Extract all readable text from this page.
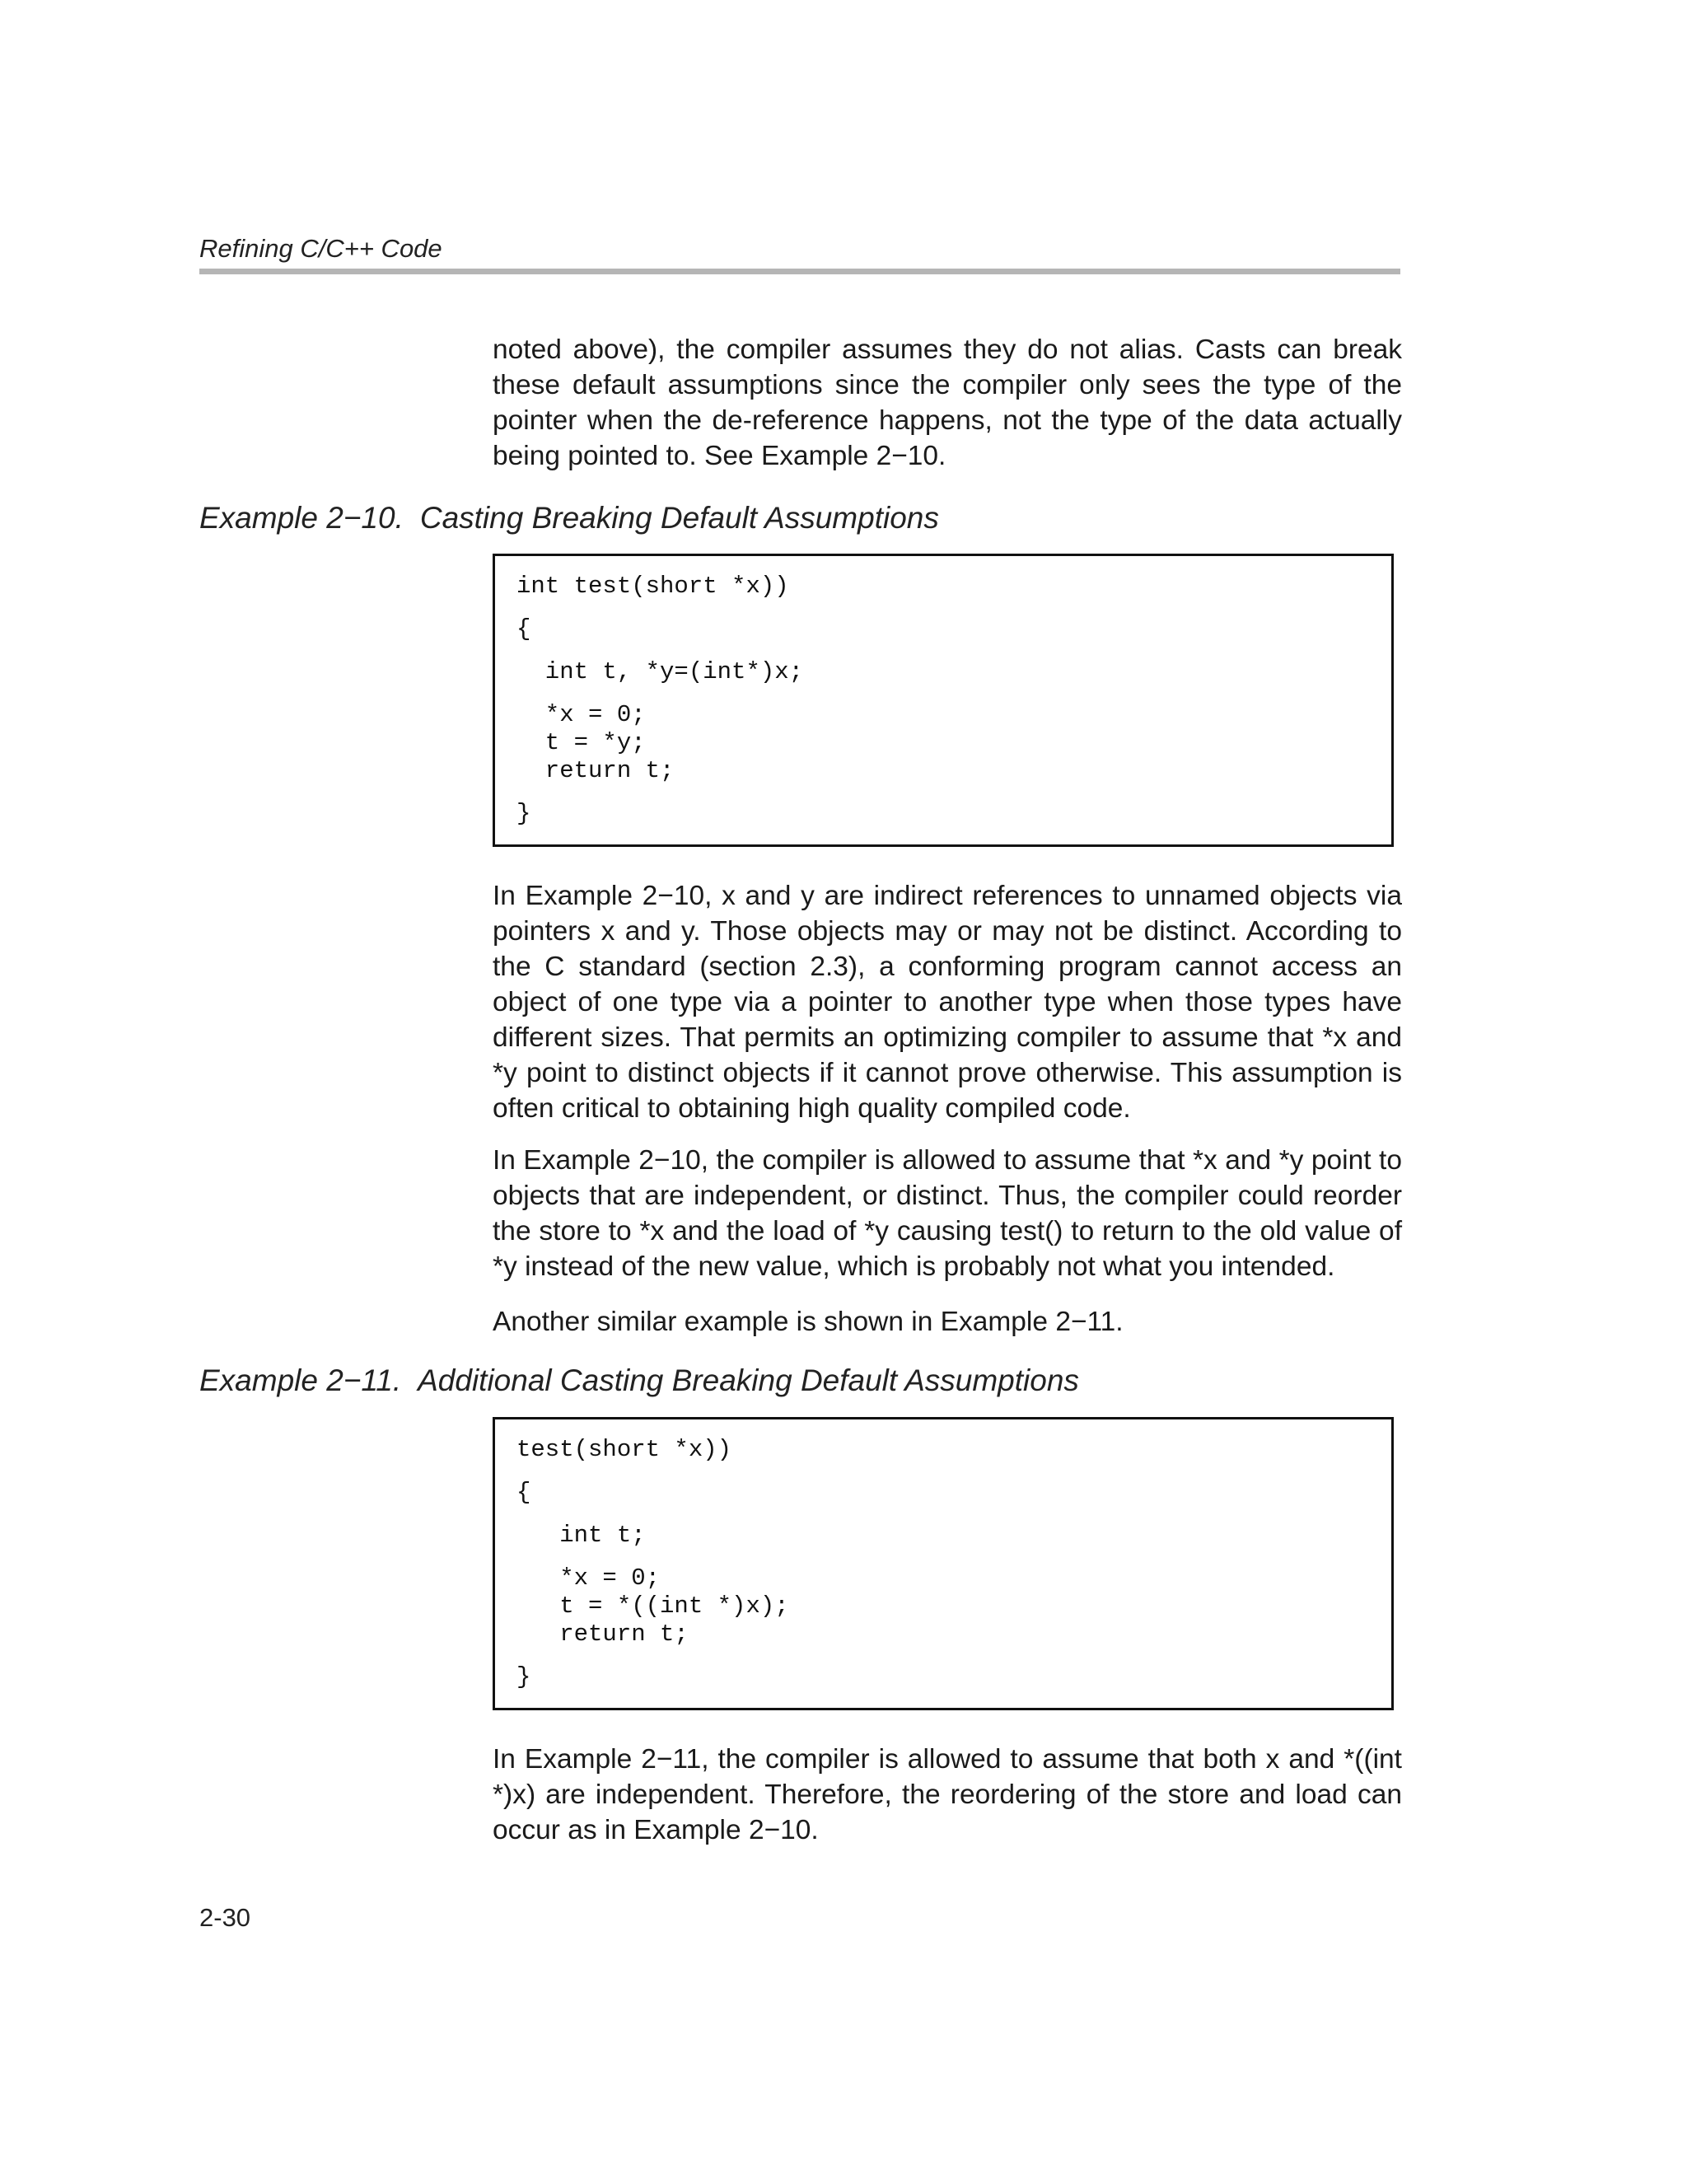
Refining C/C++ Code

noted above), the compiler assumes they do not alias. Casts can break these default assumptions since the compiler only sees the type of the pointer when the de-reference happens, not the type of the data actually being pointed to. See Example 2−10.

Example 2−10. Casting Breaking Default Assumptions

int test(short *x))
{
int t, *y=(int*)x;
*x = 0;
t = *y;
return t;
}

In Example 2−10, x and y are indirect references to unnamed objects via pointers x and y. Those objects may or may not be distinct. According to the C standard (section 2.3), a conforming program cannot access an object of one type via a pointer to another type when those types have different sizes. That permits an optimizing compiler to assume that *x and *y point to distinct objects if it cannot prove otherwise. This assumption is often critical to obtaining high quality compiled code.

In Example 2−10, the compiler is allowed to assume that *x and *y point to objects that are independent, or distinct. Thus, the compiler could reorder the store to *x and the load of *y causing test() to return to the old value of *y instead of the new value, which is probably not what you intended.

Another similar example is shown in Example 2−11.

Example 2−11. Additional Casting Breaking Default Assumptions

test(short *x))
{
int t;
*x = 0;
t = *((int *)x);
return t;
}

In Example 2−11, the compiler is allowed to assume that both x and *((int *)x) are independent. Therefore, the reordering of the store and load can occur as in Example 2−10.

2-30
